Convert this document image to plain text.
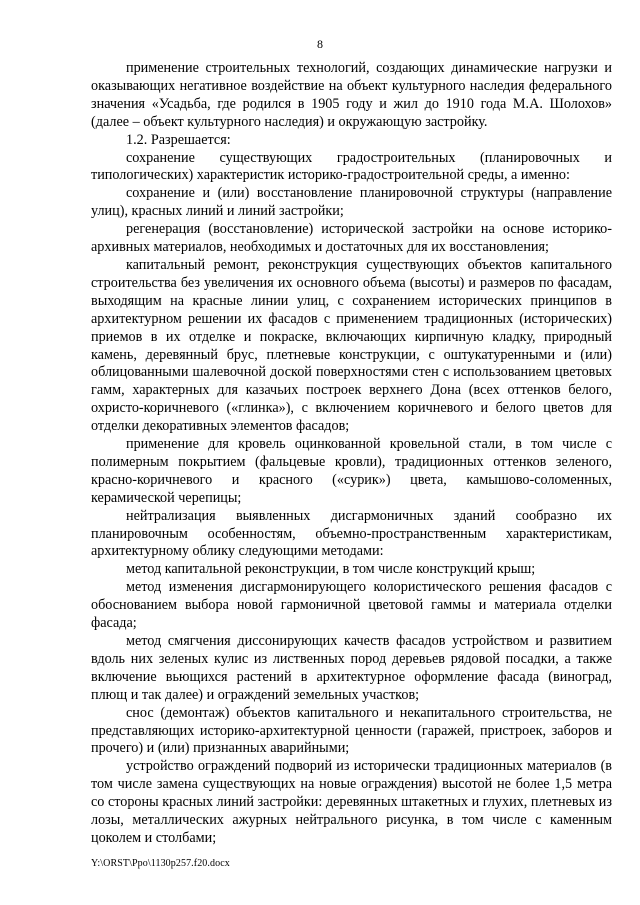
8

применение строительных технологий, создающих динамические нагрузки и оказывающих негативное воздействие на объект культурного наследия федерального значения «Усадьба, где родился в 1905 году и жил до 1910 года М.А. Шолохов» (далее – объект культурного наследия) и окружающую застройку.

1.2. Разрешается:

сохранение существующих градостроительных (планировочных и типологических) характеристик историко-градостроительной среды, а именно:

сохранение и (или) восстановление планировочной структуры (направление улиц), красных линий и линий застройки;

регенерация (восстановление) исторической застройки на основе историко-архивных материалов, необходимых и достаточных для их восстановления;

капитальный ремонт, реконструкция существующих объектов капитального строительства без увеличения их основного объема (высоты) и размеров по фасадам, выходящим на красные линии улиц, с сохранением исторических принципов в архитектурном решении их фасадов с применением традиционных (исторических) приемов в их отделке и покраске, включающих кирпичную кладку, природный камень, деревянный брус, плетневые конструкции, с оштукатуренными и (или) облицованными шалевочной доской поверхностями стен с использованием цветовых гамм, характерных для казачьих построек верхнего Дона (всех оттенков белого, охристо-коричневого («глинка»), с включением коричневого и белого цветов для отделки декоративных элементов фасадов;

применение для кровель оцинкованной кровельной стали, в том числе с полимерным покрытием (фальцевые кровли), традиционных оттенков зеленого, красно-коричневого и красного («сурик») цвета, камышово-соломенных, керамической черепицы;

нейтрализация выявленных дисгармоничных зданий сообразно их планировочным особенностям, объемно-пространственным характеристикам, архитектурному облику следующими методами:

метод капитальной реконструкции, в том числе конструкций крыш;

метод изменения дисгармонирующего колористического решения фасадов с обоснованием выбора новой гармоничной цветовой гаммы и материала отделки фасада;

метод смягчения диссонирующих качеств фасадов устройством и развитием вдоль них зеленых кулис из лиственных пород деревьев рядовой посадки, а также включение вьющихся растений в архитектурное оформление фасада (виноград, плющ и так далее) и ограждений земельных участков;

снос (демонтаж) объектов капитального и некапитального строительства, не представляющих историко-архитектурной ценности (гаражей, пристроек, заборов и прочего) и (или) признанных аварийными;

устройство ограждений подворий из исторически традиционных материалов (в том числе замена существующих на новые ограждения) высотой не более 1,5 метра со стороны красных линий застройки: деревянных штакетных и глухих, плетневых из лозы, металлических ажурных нейтрального рисунка, в том числе с каменным цоколем и столбами;

Y:\ORST\Ppo\1130p257.f20.docx
